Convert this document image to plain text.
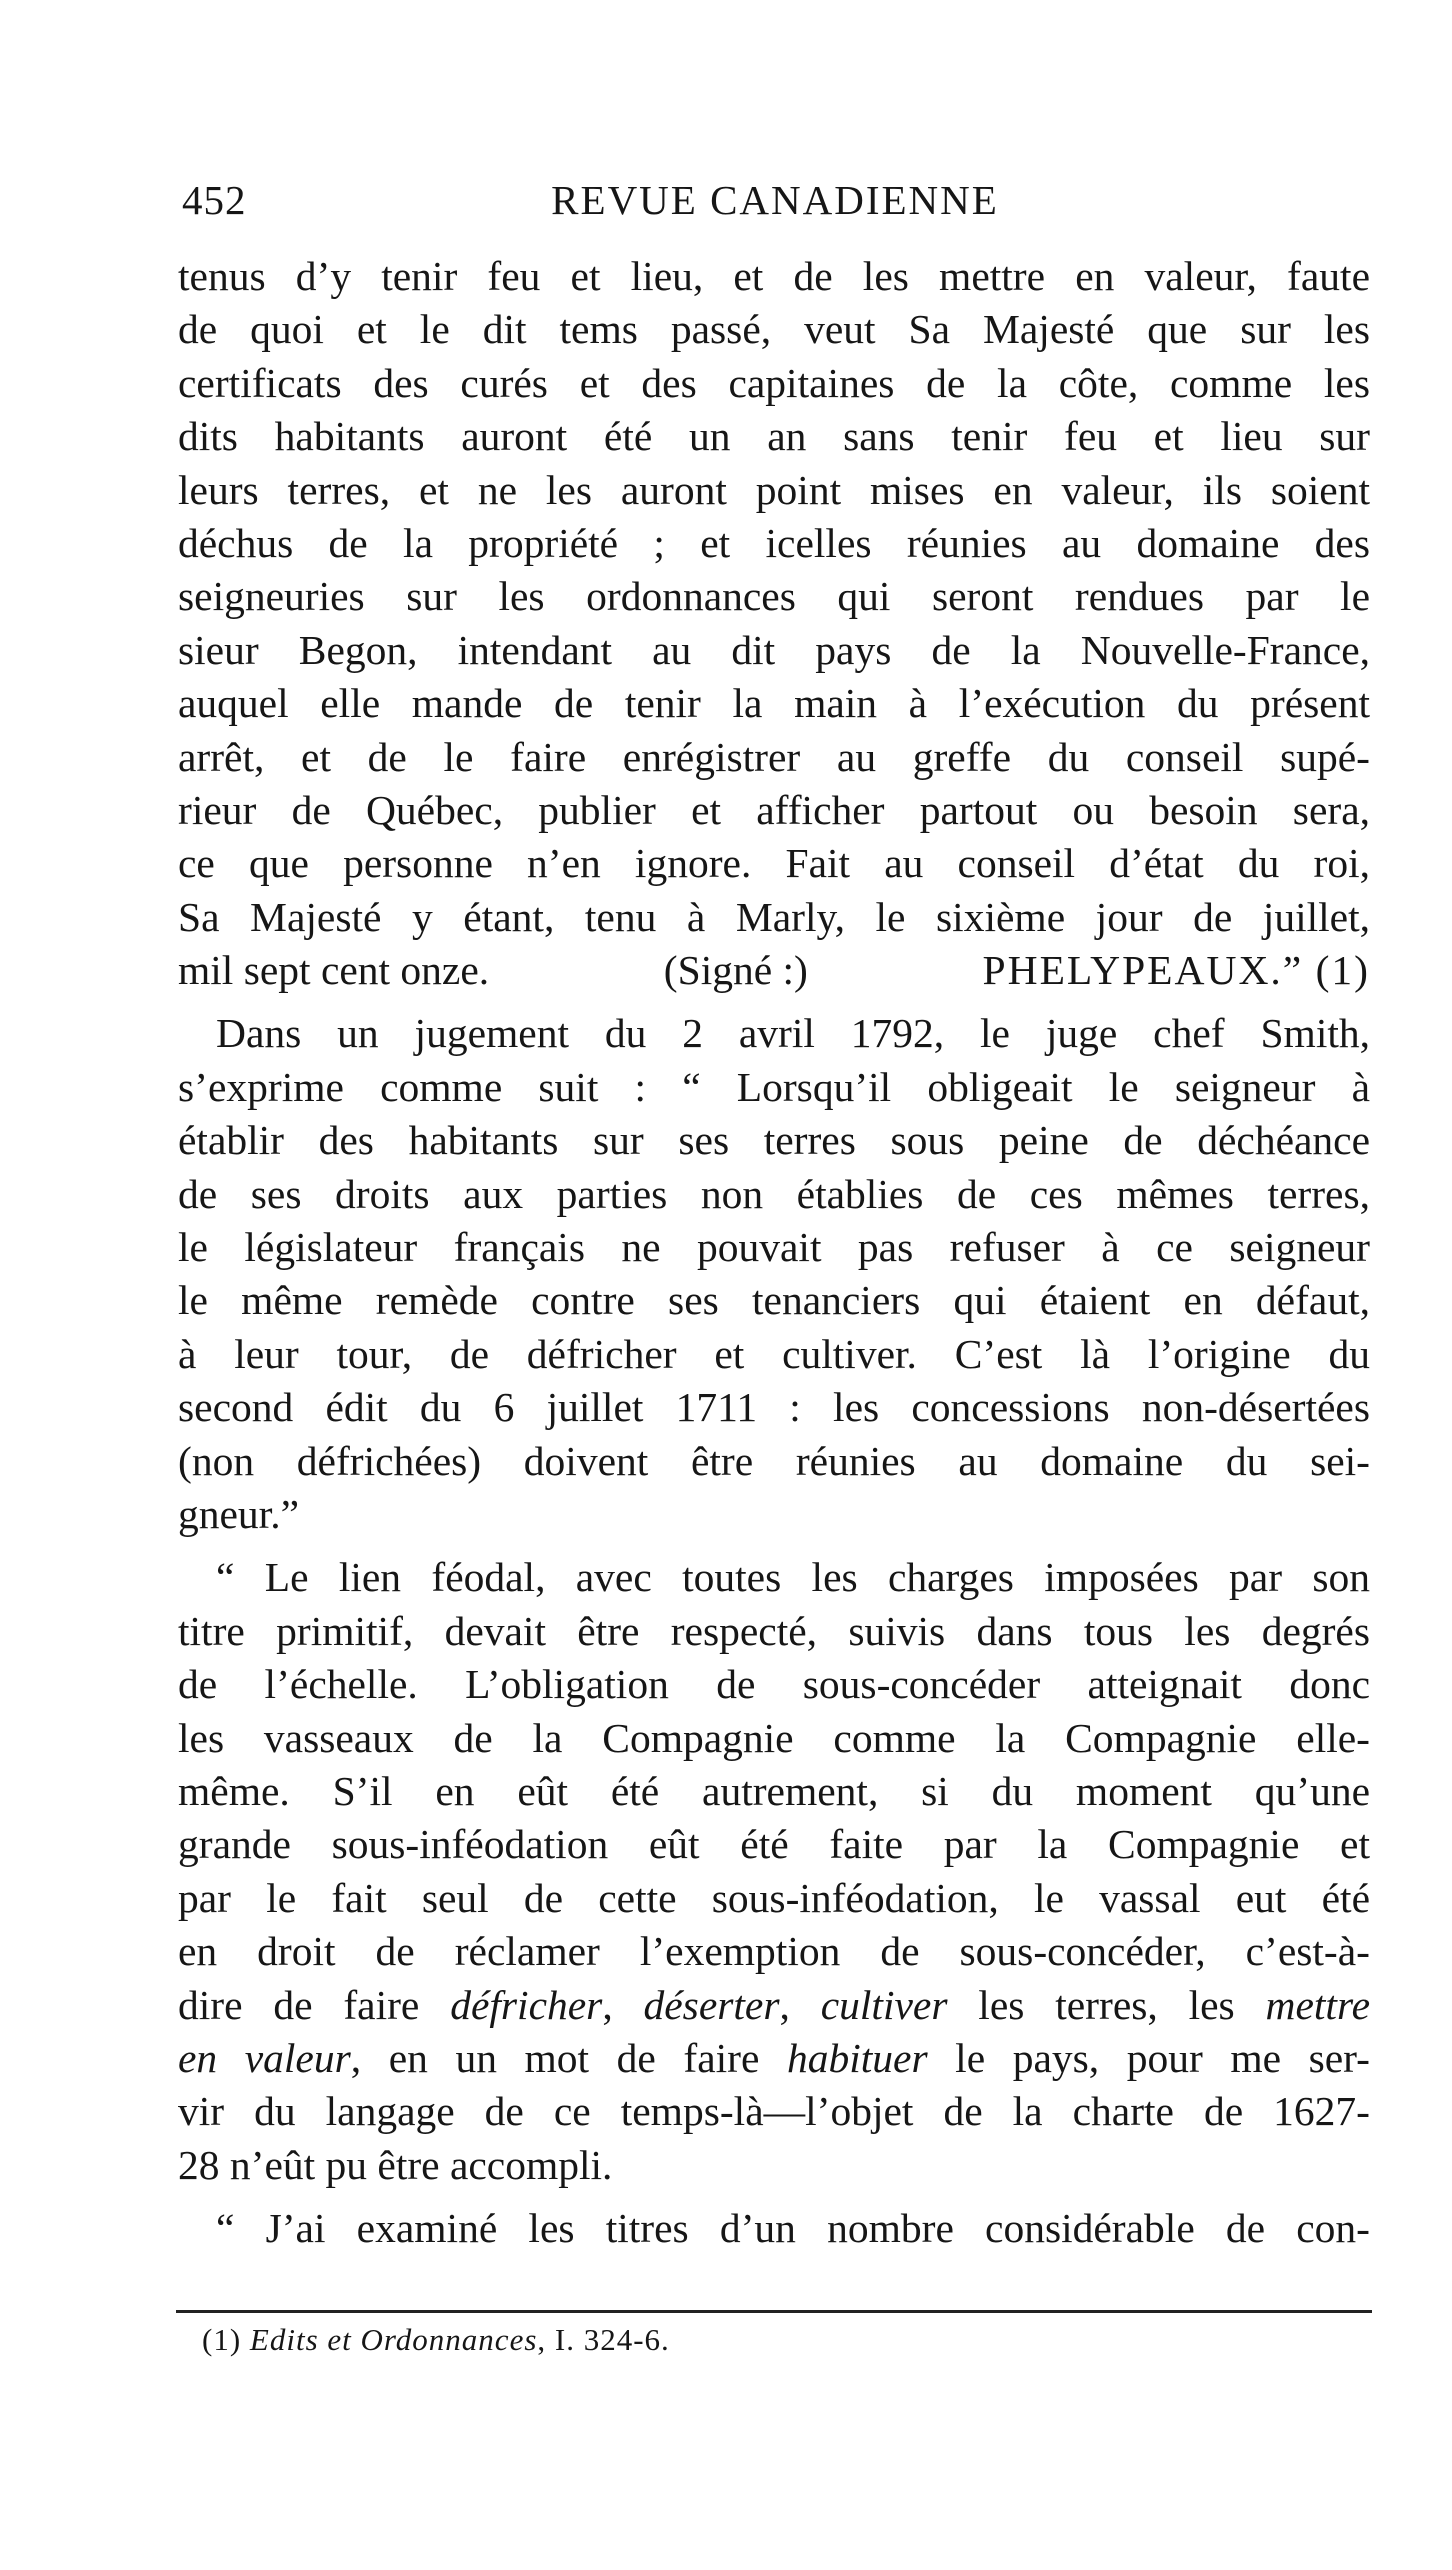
452	REVUE CANADIENNE
tenus d’y tenir feu et lieu, et de les mettre en valeur, faute
de quoi et le dit tems passé, veut Sa Majesté que sur les
certificats des curés et des capitaines de la côte, comme les
dits habitants auront été un an sans tenir feu et lieu sur
leurs terres, et ne les auront point mises en valeur, ils soient
déchus de la propriété ; et icelles réunies au domaine des
seigneuries sur les ordonnances qui seront rendues par le
sieur Begon, intendant au dit pays de la Nouvelle-France,
auquel elle mande de tenir la main à l’exécution du présent
arrêt, et de le faire enrégistrer au greffe du conseil supé-
rieur de Québec, publier et afficher partout ou besoin sera,
ce que personne n’en ignore. Fait au conseil d’état du roi,
Sa Majesté y étant, tenu à Marly, le sixième jour de juillet,
mil sept cent onze.	(Signé :)	PHELYPEAUX.” (1)
Dans un jugement du 2 avril 1792, le juge chef Smith,
s’exprime comme suit : “ Lorsqu’il obligeait le seigneur à
établir des habitants sur ses terres sous peine de déchéance
de ses droits aux parties non établies de ces mêmes terres,
le législateur français ne pouvait pas refuser à ce seigneur
le même remède contre ses tenanciers qui étaient en défaut,
à leur tour, de défricher et cultiver. C’est là l’origine du
second édit du 6 juillet 1711 : les concessions non-désertées
(non défrichées) doivent être réunies au domaine du sei-
gneur.”
“ Le lien féodal, avec toutes les charges imposées par son
titre primitif, devait être respecté, suivis dans tous les degrés
de l’échelle. L’obligation de sous-concéder atteignait donc
les vasseaux de la Compagnie comme la Compagnie elle-
même. S’il en eût été autrement, si du moment qu’une
grande sous-inféodation eût été faite par la Compagnie et
par le fait seul de cette sous-inféodation, le vassal eut été
en droit de réclamer l’exemption de sous-concéder, c’est-à-
dire de faire défricher, déserter, cultiver les terres, les mettre
en valeur, en un mot de faire habituer le pays, pour me ser-
vir du langage de ce temps-là—l’objet de la charte de 1627-
28 n’eût pu être accompli.
“ J’ai examiné les titres d’un nombre considérable de con-
(1) Edits et Ordonnances, I. 324-6.
